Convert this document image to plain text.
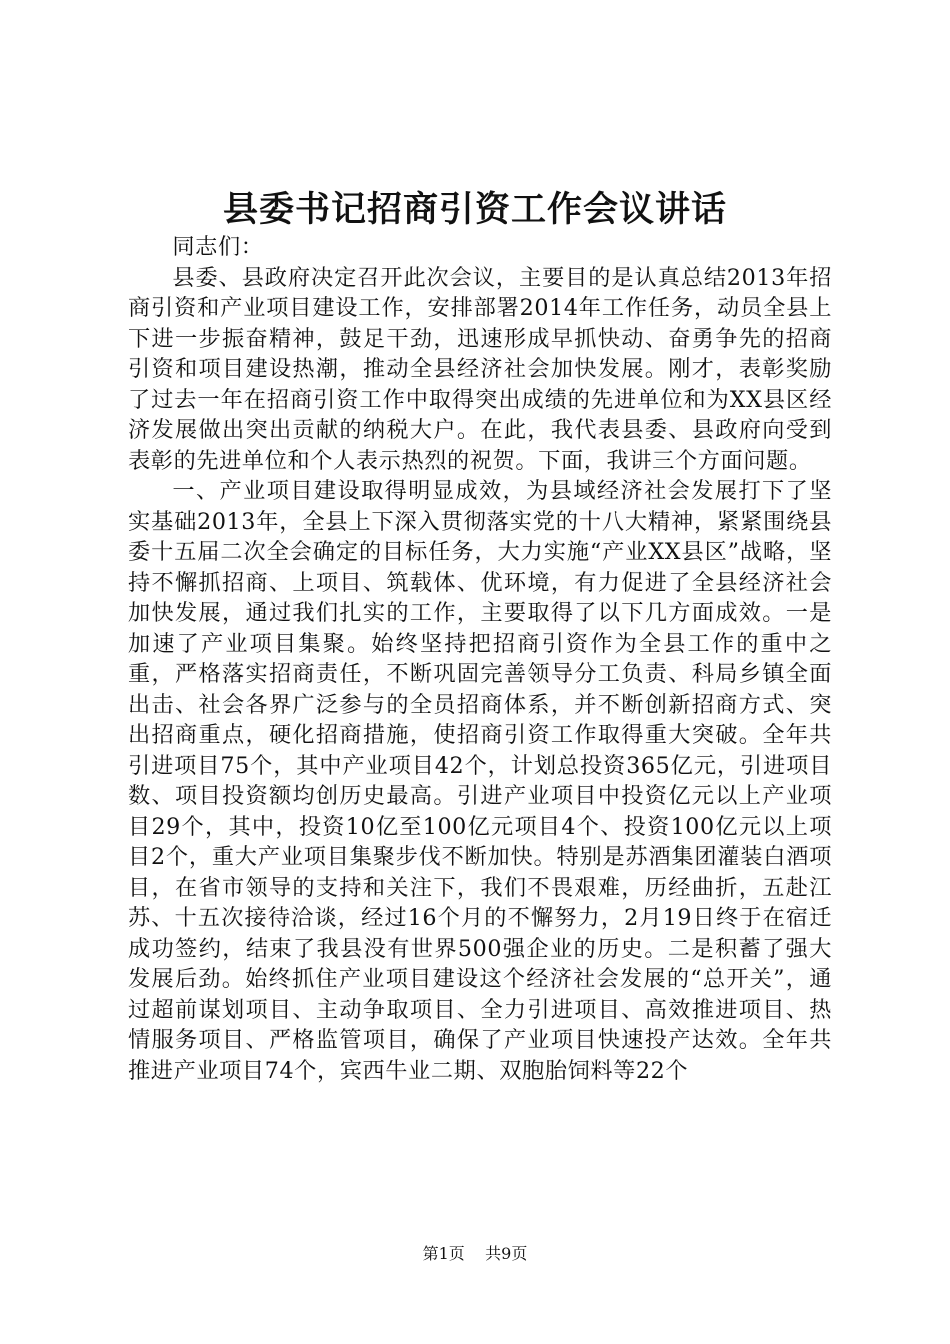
县委书记招商引资工作会议讲话

同志们：

县委、县政府决定召开此次会议，主要目的是认真总结2013年招商引资和产业项目建设工作，安排部署2014年工作任务，动员全县上下进一步振奋精神，鼓足干劲，迅速形成早抓快动、奋勇争先的招商引资和项目建设热潮，推动全县经济社会加快发展。刚才，表彰奖励了过去一年在招商引资工作中取得突出成绩的先进单位和为XX县区经济发展做出突出贡献的纳税大户。在此，我代表县委、县政府向受到表彰的先进单位和个人表示热烈的祝贺。下面，我讲三个方面问题。

一、产业项目建设取得明显成效，为县域经济社会发展打下了坚实基础2013年，全县上下深入贯彻落实党的十八大精神，紧紧围绕县委十五届二次全会确定的目标任务，大力实施“产业XX县区”战略，坚持不懈抓招商、上项目、筑载体、优环境，有力促进了全县经济社会加快发展，通过我们扎实的工作，主要取得了以下几方面成效。一是加速了产业项目集聚。始终坚持把招商引资作为全县工作的重中之重，严格落实招商责任，不断巩固完善领导分工负责、科局乡镇全面出击、社会各界广泛参与的全员招商体系，并不断创新招商方式、突出招商重点，硬化招商措施，使招商引资工作取得重大突破。全年共引进项目75个，其中产业项目42个，计划总投资365亿元，引进项目数、项目投资额均创历史最高。引进产业项目中投资亿元以上产业项目29个，其中，投资10亿至100亿元项目4个、投资100亿元以上项目2个，重大产业项目集聚步伐不断加快。特别是苏酒集团灌装白酒项目，在省市领导的支持和关注下，我们不畏艰难，历经曲折，五赴江苏、十五次接待洽谈，经过16个月的不懈努力，2月19日终于在宿迁成功签约，结束了我县没有世界500强企业的历史。二是积蓄了强大发展后劲。始终抓住产业项目建设这个经济社会发展的“总开关”，通过超前谋划项目、主动争取项目、全力引进项目、高效推进项目、热情服务项目、严格监管项目，确保了产业项目快速投产达效。全年共推进产业项目74个，宾西牛业二期、双胞胎饲料等22个

第1页 共9页
